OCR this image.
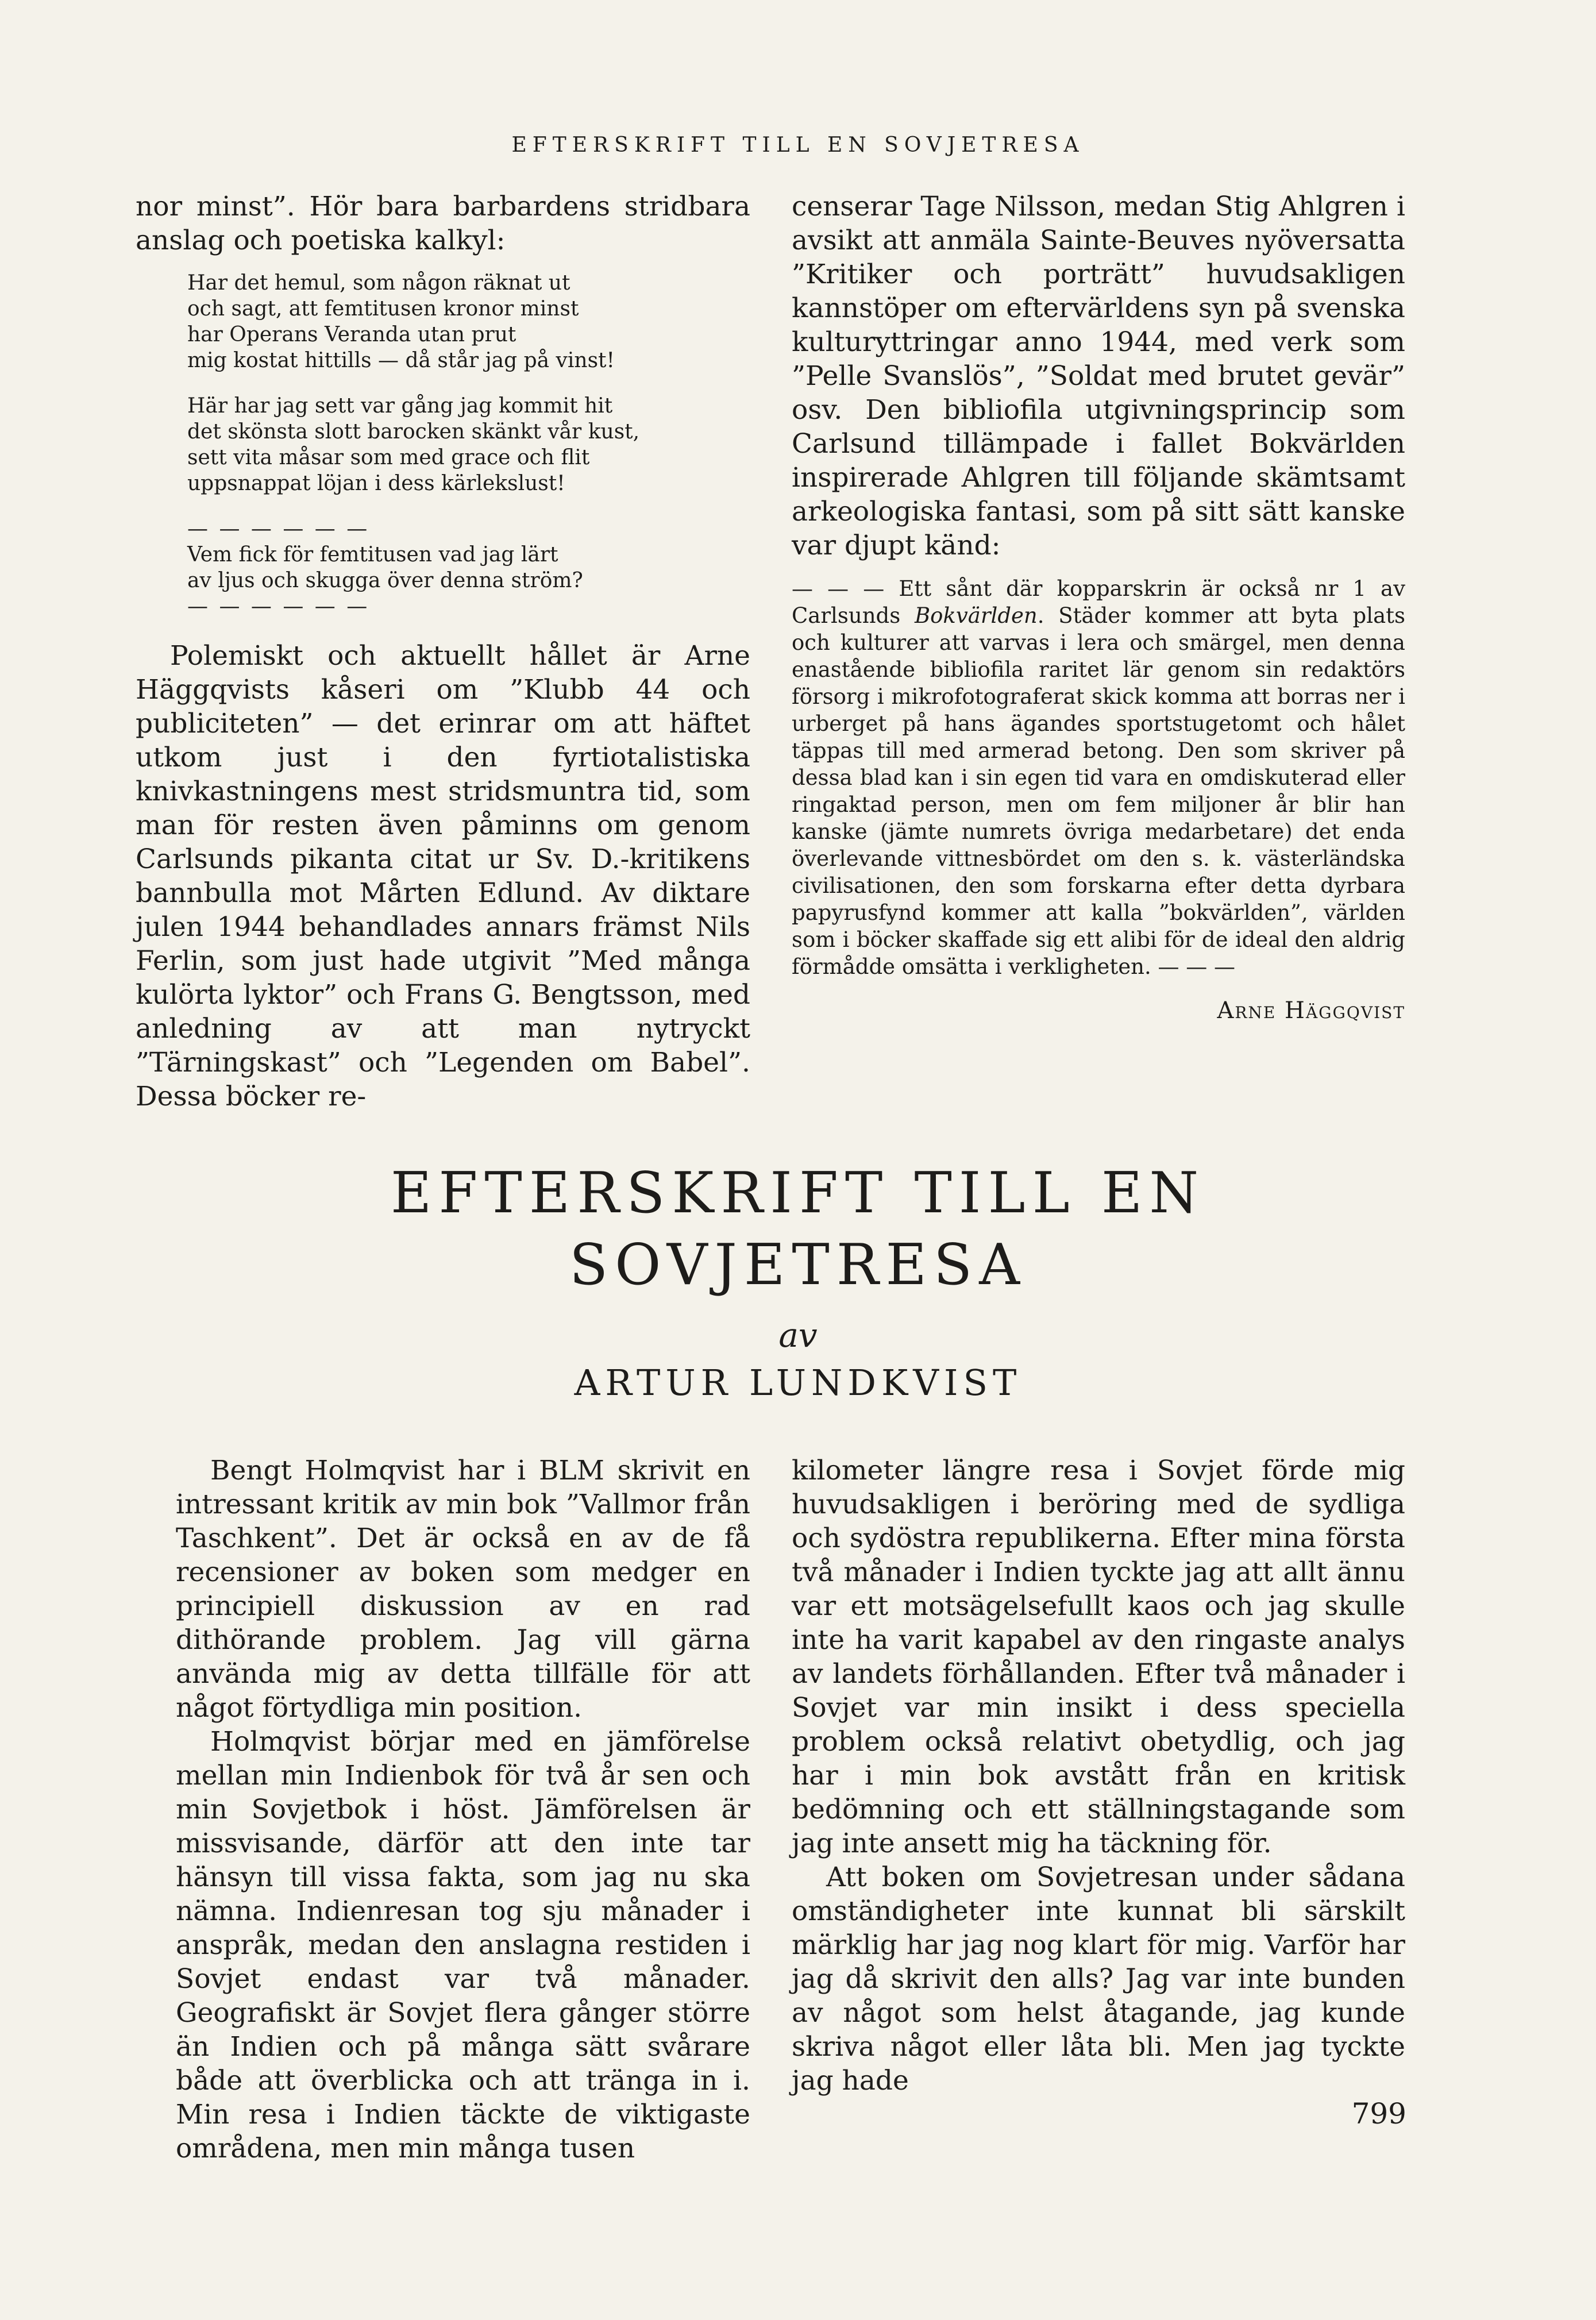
EFTERSKRIFT TILL EN SOVJETRESA

nor minst”. Hör bara barbardens stridbara anslag och poetiska kalkyl:

Har det hemul, som någon räknat ut
och sagt, att femtitusen kronor minst
har Operans Veranda utan prut
mig kostat hittills — då står jag på vinst!
Här har jag sett var gång jag kommit hit
det skönsta slott barocken skänkt vår kust,
sett vita måsar som med grace och flit
uppsnappat löjan i dess kärlekslust!
— — — — — —
Vem fick för femtitusen vad jag lärt
av ljus och skugga över denna ström?
— — — — — —

Polemiskt och aktuellt hållet är Arne Häggqvists kåseri om ”Klubb 44 och publiciteten” — det erinrar om att häftet utkom just i den fyrtiotalistiska knivkastningens mest stridsmuntra tid, som man för resten även påminns om genom Carlsunds pikanta citat ur Sv. D.-kritikens bannbulla mot Mårten Edlund. Av diktare julen 1944 behandlades annars främst Nils Ferlin, som just hade utgivit ”Med många kulörta lyktor” och Frans G. Bengtsson, med anledning av att man nytryckt ”Tärningskast” och ”Legenden om Babel”. Dessa böcker re-

censerar Tage Nilsson, medan Stig Ahlgren i avsikt att anmäla Sainte-Beuves nyöversatta ”Kritiker och porträtt” huvudsakligen kannstöper om eftervärldens syn på svenska kulturyttringar anno 1944, med verk som ”Pelle Svanslös”, ”Soldat med brutet gevär” osv. Den bibliofila utgivningsprincip som Carlsund tillämpade i fallet Bokvärlden inspirerade Ahlgren till följande skämtsamt arkeologiska fantasi, som på sitt sätt kanske var djupt känd:

— — — Ett sånt där kopparskrin är också nr 1 av Carlsunds Bokvärlden. Städer kommer att byta plats och kulturer att varvas i lera och smärgel, men denna enastående bibliofila raritet lär genom sin redaktörs försorg i mikrofotograferat skick komma att borras ner i urberget på hans ägandes sportstugetomt och hålet täppas till med armerad betong. Den som skriver på dessa blad kan i sin egen tid vara en omdiskuterad eller ringaktad person, men om fem miljoner år blir han kanske (jämte numrets övriga medarbetare) det enda överlevande vittnesbördet om den s. k. västerländska civilisationen, den som forskarna efter detta dyrbara papyrusfynd kommer att kalla ”bokvärlden”, världen som i böcker skaffade sig ett alibi för de ideal den aldrig förmådde omsätta i verkligheten. — — —
Arne Häggqvist
EFTERSKRIFT TILL EN
SOVJETRESA
av
ARTUR LUNDKVIST

Bengt Holmqvist har i BLM skrivit en intressant kritik av min bok ”Vallmor från Taschkent”. Det är också en av de få recensioner av boken som medger en principiell diskussion av en rad dithörande problem. Jag vill gärna använda mig av detta tillfälle för att något förtydliga min position.

Holmqvist börjar med en jämförelse mellan min Indienbok för två år sen och min Sovjetbok i höst. Jämförelsen är missvisande, därför att den inte tar hänsyn till vissa fakta, som jag nu ska nämna. Indienresan tog sju månader i anspråk, medan den anslagna restiden i Sovjet endast var två månader. Geografiskt är Sovjet flera gånger större än Indien och på många sätt svårare både att överblicka och att tränga in i. Min resa i Indien täckte de viktigaste områdena, men min många tusen

kilometer längre resa i Sovjet förde mig huvudsakligen i beröring med de sydliga och sydöstra republikerna. Efter mina första två månader i Indien tyckte jag att allt ännu var ett motsägelsefullt kaos och jag skulle inte ha varit kapabel av den ringaste analys av landets förhållanden. Efter två månader i Sovjet var min insikt i dess speciella problem också relativt obetydlig, och jag har i min bok avstått från en kritisk bedömning och ett ställningstagande som jag inte ansett mig ha täckning för.

Att boken om Sovjetresan under sådana omständigheter inte kunnat bli särskilt märklig har jag nog klart för mig. Varför har jag då skrivit den alls? Jag var inte bunden av något som helst åtagande, jag kunde skriva något eller låta bli. Men jag tyckte jag hade

799
